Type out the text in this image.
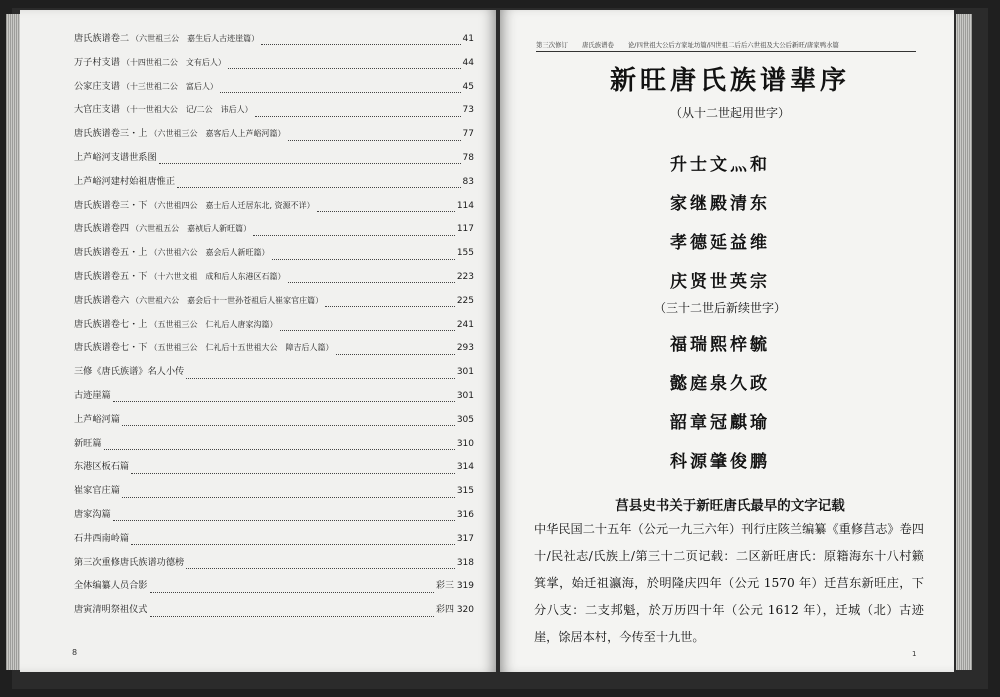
唐氏族谱卷二 （六世祖三公　嘉生后人古迹崖篇）	41
万子村支谱 （十四世祖二公　文有后人）	44
公家庄支谱 （十三世祖二公　富后人）	45
大官庄支谱 （十一世祖大公　记/二公　讳后人）	73
唐氏族谱卷三・上 （六世祖三公　嘉客后人上芦峪河篇）	77
上芦峪河支谱世系图	78
上芦峪河建村始祖唐惟正	83
唐氏族谱卷三・下 （六世祖四公　嘉士后人迁居东北, 资源不详）	114
唐氏族谱卷四 （六世祖五公　嘉祯后人新旺篇）	117
唐氏族谱卷五・上 （六世祖六公　嘉会后人新旺篇）	155
唐氏族谱卷五・下 （十六世文祖　成和后人东港区石篇）	223
唐氏族谱卷六 （六世祖六公　嘉会后十一世孙苍祖后人崔家官庄篇）	225
唐氏族谱卷七・上 （五世祖三公　仁礼后人唐家沟篇）	241
唐氏族谱卷七・下 （五世祖三公　仁礼后十五世祖大公　障吉后人篇）	293
三修《唐氏族谱》名人小传	301
古迹崖篇	301
上芦峪河篇	305
新旺篇	310
东港区板石篇	314
崔家官庄篇	315
唐家沟篇	316
石井西南岭篇	317
第三次重修唐氏族谱功德榜	318
全体编纂人员合影	彩三 319
唐寅清明祭祖仪式	彩四 320
8
第三次修订 唐氏族谱卷 论/四世祖大公后方家址坊篇/四世祖二后后六世祖及大公后新旺/唐家鸭水篇
新旺唐氏族谱辈序
（从十二世起用世字）
升士文灬和
家继殿清东
孝德延益维
庆贤世英宗
（三十二世后新续世字）
福瑞熙梓毓
懿庭泉久政
韶章冠麒瑜
科源肇俊鹏
莒县史书关于新旺唐氏最早的文字记载
中华民国二十五年（公元一九三六年）刊行庄陔兰编纂《重修莒志》卷四十/民社志/氏族上/第三十二页记载：二区新旺唐氏：原籍海东十八村籁箕掌，始迁祖瀛海，於明隆庆四年（公元 1570 年）迁莒东新旺庄，下分八支：二支邦魁，於万历四十年（公元 1612 年），迁城（北）古迹崖，馀居本村，今传至十九世。
1
